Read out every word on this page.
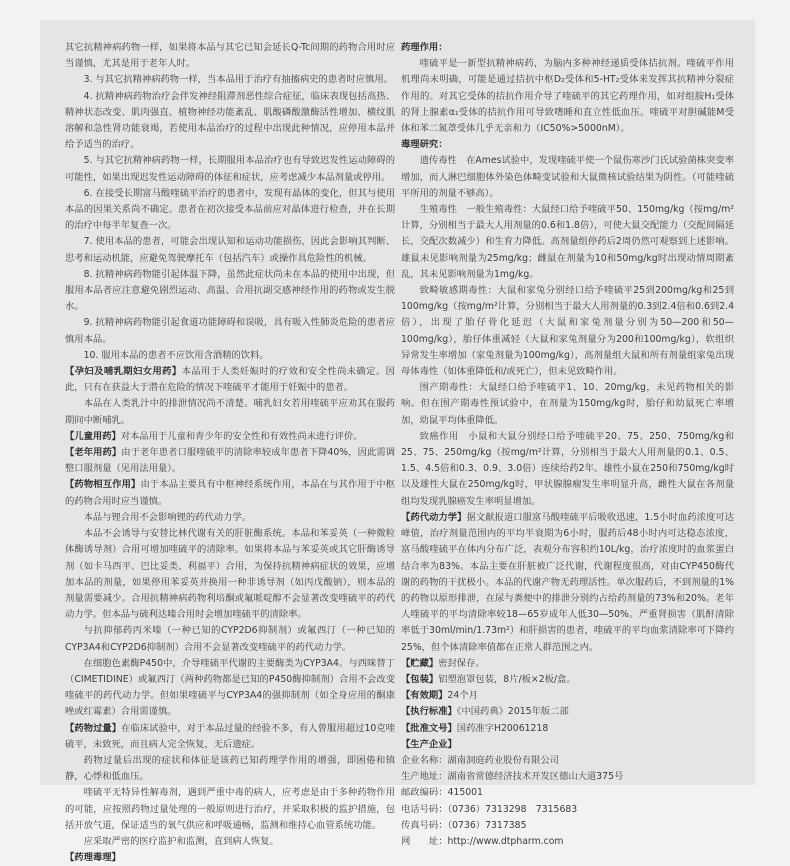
其它抗精神病药物一样，如果将本品与其它已知会延长Q-Tc间期的药物合用时应当谨慎，尤其是用于老年人时。

3. 与其它抗精神病药物一样，当本品用于治疗有抽搐病史的患者时应慎用。

4. 抗精神病药物治疗会伴发神经阻滞剂恶性综合症征，临床表现包括高热、精神状态改变、肌肉强直、植物神经功能紊乱、肌酸磷酸激酶活性增加、横纹肌溶解和急性肾功能衰竭，若使用本品治疗的过程中出现此种情况，应停用本品并给予适当的治疗。

5. 与其它抗精神病药物一样，长期服用本品治疗也有导致迟发性运动障碍的可能性，如果出现迟发性运动障碍的体征和症状，应考虑减少本品剂量或停用。

6. 在接受长期富马酸喹硫平治疗的患者中，发现有晶体的变化，但其与使用本品的因果关系尚不确定。患者在初次接受本品前应对晶体进行检查，并在长期的治疗中每半年复查一次。

7. 使用本品的患者，可能会出现认知和运动功能损伤，因此会影响其判断、思考和运动机能，应避免驾驶摩托车（包括汽车）或操作具危险性的机械。

8. 抗精神病药物能引起体温下降，虽然此症状尚未在本品的使用中出现，但服用本品者应注意避免剧烈运动、高温、合用抗副交感神经作用的药物或发生脱水。

9. 抗精神病药物能引起食道功能障碍和误吸，具有吸入性肺炎危险的患者应慎用本品。

10. 服用本品的患者不应饮用含酒精的饮料。

【孕妇及哺乳期妇女用药】本品用于人类妊娠时的疗效和安全性尚未确定。因此，只有在获益大于潜在危险的情况下喹硫平才能用于妊娠中的患者。

本品在人类乳汁中的排泄情况尚不清楚。哺乳妇女若用喹硫平应劝其在服药期间中断哺乳。

【儿童用药】对本品用于儿童和青少年的安全性和有效性尚未进行评价。

【老年用药】由于老年患者口服喹硫平的清除率较成年患者下降40%，因此需调整口服剂量（见用法用量）。

【药物相互作用】由于本品主要具有中枢神经系统作用，本品在与其作用于中枢的药物合用时应当谨慎。

本品与锂合用不会影响锂的药代动力学。

本品不会诱导与安替比林代谢有关的肝脏酶系统。本品和苯妥英（一种微粒体酶诱导剂）合用可增加喹硫平的清除率。如果将本品与苯妥英或其它肝酶诱导剂（如卡马西平、巴比妥类、利福平）合用，为保持抗精神病症状的效果，应增加本品的剂量，如果停用苯妥英并换用一种非诱导剂（如丙戊酸钠），则本品的剂量需要减少。合用抗精神病药物利培酮或氟哌啶醇不会显著改变喹硫平的药代动力学。但本品与硫利达嗪合用时会增加喹硫平的清除率。

与抗抑郁药丙米嗪（一种已知的CYP2D6抑制剂）或氟西汀（一种已知的CYP3A4和CYP2D6抑制剂）合用不会显著改变喹硫平的药代动力学。

在细胞色素酶P450中，介导喹硫平代谢的主要酶类为CYP3A4。与西咪替丁（CIMETIDINE）或氟西汀（两种药物都是已知的P450酶抑制剂）合用不会改变喹硫平的药代动力学。但如果喹硫平与CYP3A4的强抑制剂（如全身应用的酮康唑或红霉素）合用需谨慎。

【药物过量】在临床试验中，对于本品过量的经验不多，有人曾服用超过10克喹硫平，未致死，而且病人完全恢复，无后遗症。

药物过量后出现的症状和体征是该药已知药理学作用的增强，即困倦和镇静，心悸和低血压。

喹硫平无特异性解毒剂，遇到严重中毒的病人，应考虑是由于多种药物作用的可能，应按照药物过量处理的一般原则进行治疗，并采取积极的监护措施，包括开放气道，保证适当的氧气供应和呼吸通畅，监测和维持心血管系统功能。

应采取严密的医疗监护和监测，直到病人恢复。

【药理毒理】

药理作用：

喹硫平是一新型抗精神病药，为脑内多种神经递质受体拮抗剂。喹硫平作用机理尚未明确，可能是通过拮抗中枢D₂受体和5-HT₂受体来发挥其抗精神分裂症作用的。对其它受体的拮抗作用介导了喹硫平的其它药理作用，如对组胺H₁受体的肾上腺素α₁受体的拮抗作用可导致嗜睡和直立性低血压。喹硫平对胆碱能M受体和苯二氮䓬受体几乎无亲和力（IC50%>5000nM）。

毒理研究：

遗传毒性　在Ames试验中，发现喹硫平使一个鼠伤寒沙门氏试验菌株突变率增加，而人淋巴细胞体外染色体畸变试验和大鼠微核试验结果为阴性。（可能喹硫平所用的剂量不够高）。

生殖毒性　一般生殖毒性：大鼠经口给予喹硫平50、150mg/kg（按mg/m²计算，分别相当于最大人用剂量的0.6和1.8倍），可使大鼠交配能力（交配间隔延长，交配次数减少）和生育力降低。高剂量组停药后2周仍然可观察到上述影响。雄鼠未见影响剂量为25mg/kg；雌鼠在剂量为10和50mg/kg时出现动情周期紊乱，其未见影响剂量为1mg/kg。

致畸敏感期毒性：大鼠和家兔分别经口给予喹硫平25到200mg/kg和25到100mg/kg（按mg/m²计算，分别相当于最大人用剂量的0.3到2.4倍和0.6到2.4倍），出现了胎仔骨化延迟（大鼠和家兔剂量分别为50—200和50—100mg/kg），胎仔体重减轻（大鼠和家兔剂量分为200和100mg/kg），软组织异常发生率增加（家兔剂量为100mg/kg），高剂量组大鼠和所有剂量组家兔出现母体毒性（如体重降低和/或死亡），但未见致畸作用。

围产期毒性：大鼠经口给予喹硫平1、10、20mg/kg，未见药物相关的影响。但在围产期毒性预试验中，在剂量为150mg/kg时，胎仔和幼鼠死亡率增加，幼鼠平均体重降低。

致癌作用　小鼠和大鼠分别经口给予喹硫平20、75、250、750mg/kg和25、75、250mg/kg（按mg/m²计算，分别相当于最大人用剂量的0.1、0.5、1.5、4.5倍和0.3、0.9、3.0倍）连续给药2年。雄性小鼠在250和750mg/kg时以及雄性大鼠在250mg/kg时，甲状腺腺瘤发生率明显升高，雌性大鼠在各剂量组均发现乳腺癌发生率明显增加。

【药代动力学】据文献报道口服富马酸喹硫平后吸收迅速，1.5小时血药浓度可达峰值，治疗剂量范围内的平均半衰期为6小时，服药后48小时内可达稳态浓度，富马酸喹硫平在体内分布广泛，表观分布容积约10L/kg，治疗浓度时的血浆蛋白结合率为83%。本品主要在肝脏被广泛代谢，代谢程度很高，对由CYP450酶代谢的药物的干扰极小。本品的代谢产物无药理活性。单次服药后，不到剂量的1%的药物以原形排泄，在尿与粪便中的排泄分别约占给药剂量的73%和20%。老年人喹硫平的平均清除率较18—65岁成年人低30—50%。严重肾损害（肌酐清除率低于30ml/min/1.73m²）和肝损害的患者，喹硫平的平均血浆清除率可下降约25%，但个体清除率值都在正常人群范围之内。

【贮藏】密封保存。

【包装】铝塑泡罩包装，8片/板×2板/盒。

【有效期】24个月

【执行标准】《中国药典》2015年版二部

【批准文号】国药准字H20061218

【生产企业】

企业名称：湖南洞庭药业股份有限公司

生产地址：湖南省常德经济技术开发区德山大道375号

邮政编码：415001

电话号码：（0736）7313298　7315683

传真号码：（0736）7317385

网　　址：http://www.dtpharm.com
